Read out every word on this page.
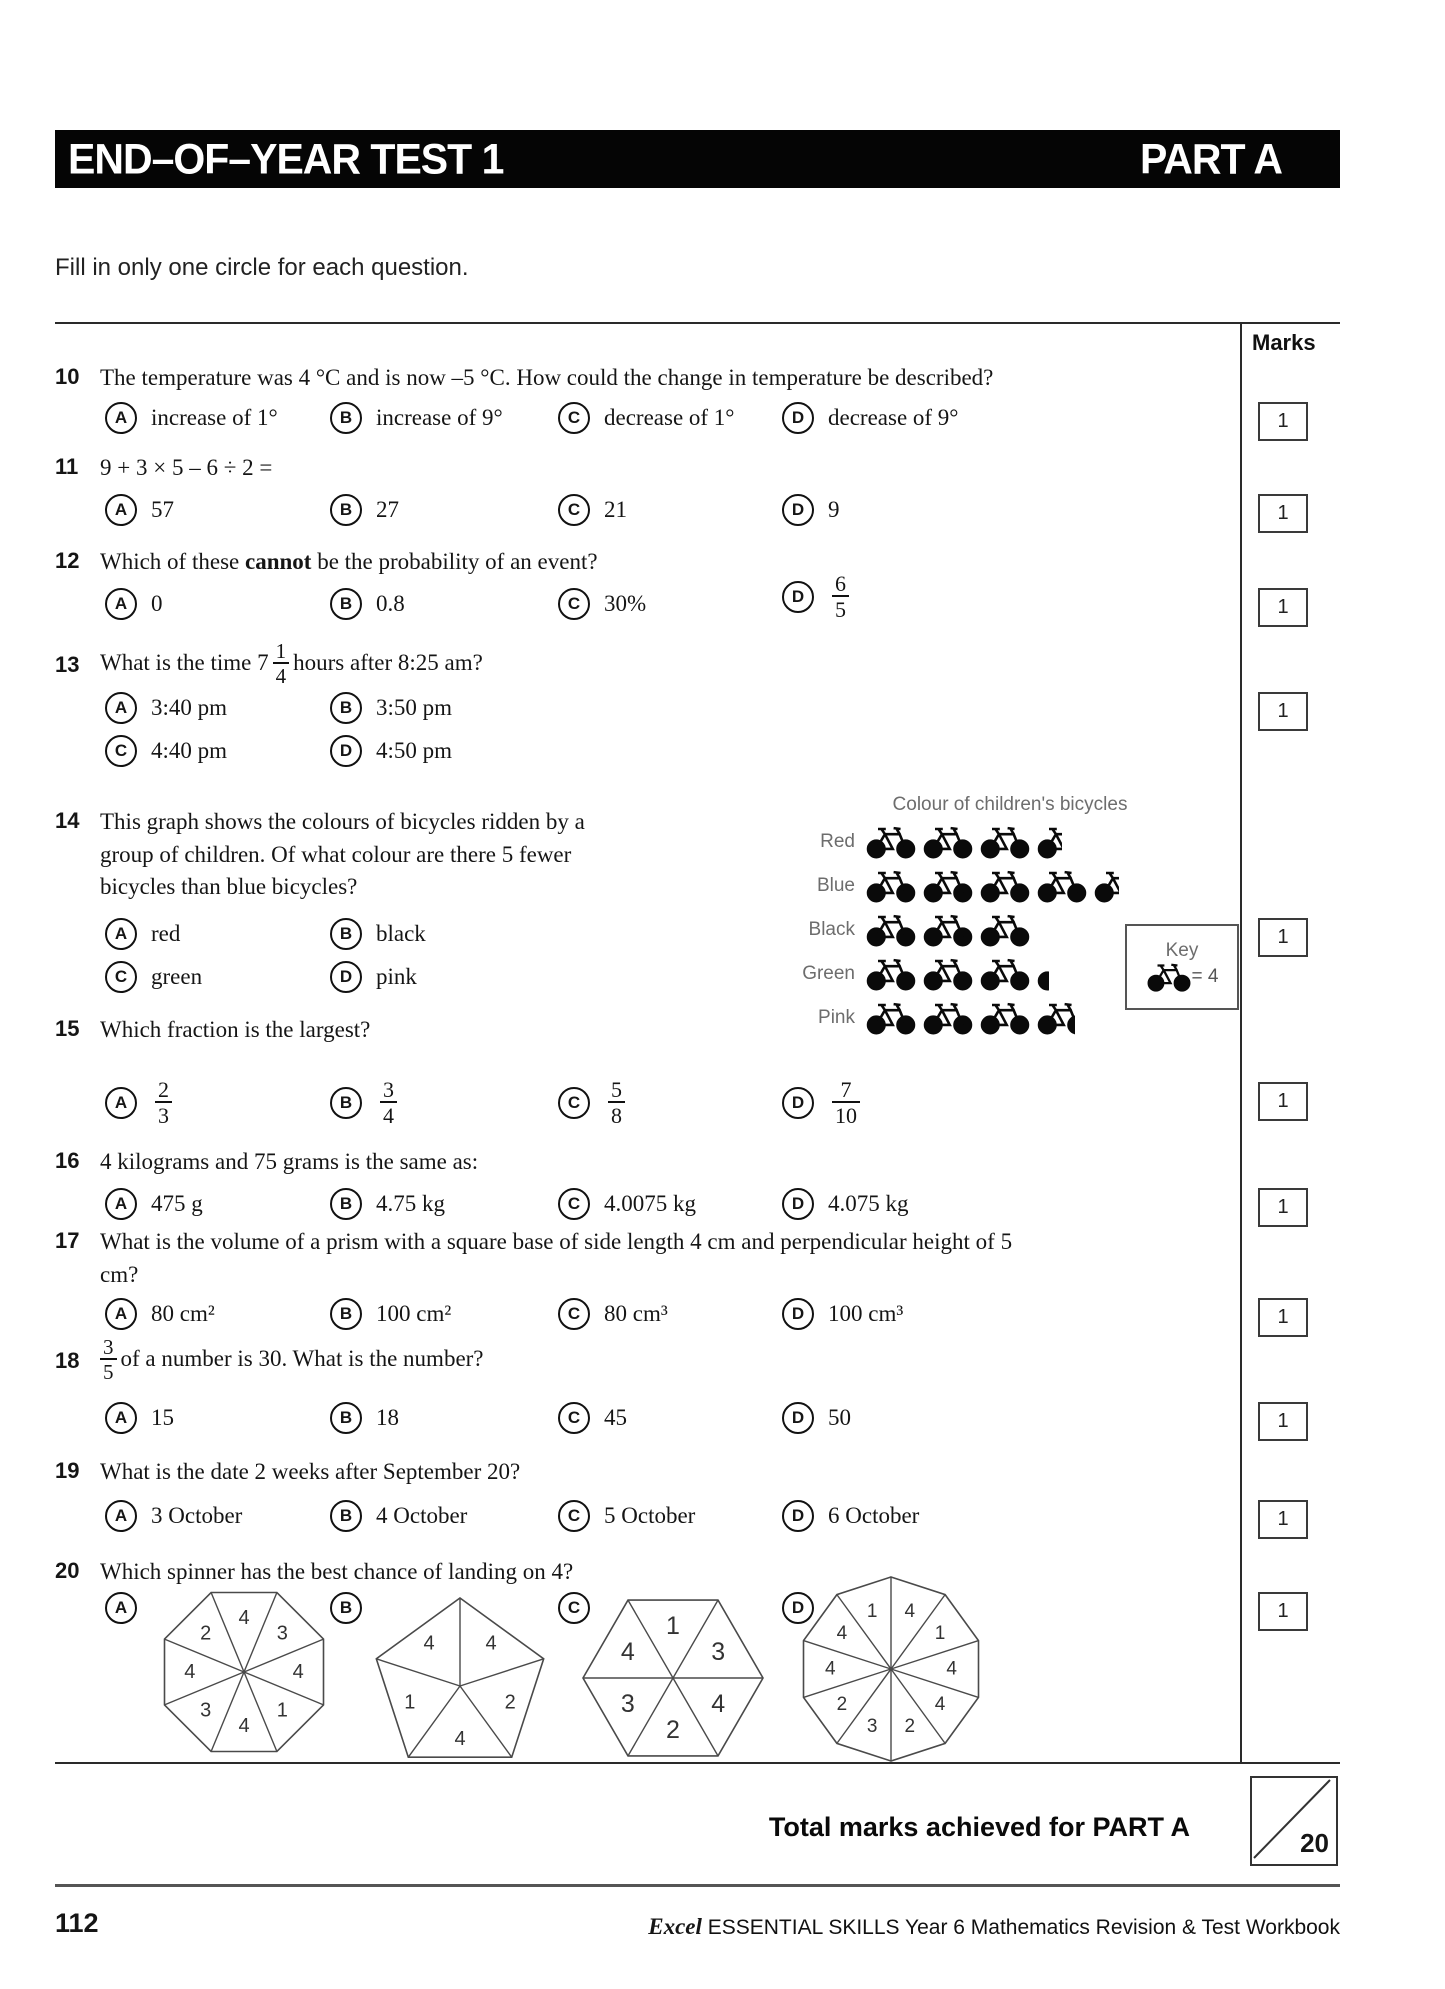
END–OF–YEAR TEST 1	PART A
Fill in only one circle for each question.
Marks
10 The temperature was 4 °C and is now –5 °C. How could the change in temperature be described?
A	increase of 1°	B	increase of 9°	C	decrease of 1°	D	decrease of 9°
11 9 + 3 × 5 – 6 ÷ 2 =
A	57	B	27	C	21	D	9
12 Which of these cannot be the probability of an event?
A	0	B	0.8	C	30%	D	$\frac{6}{5}$
13 What is the time $7 \frac{1}{4}$ hours after 8:25 am?
A	3:40 pm	B	3:50 pm
C	4:40 pm	D	4:50 pm
14 This graph shows the colours of bicycles ridden by a group of children. Of what colour are there 5 fewer bicycles than blue bicycles?
A	red	B	black
C	green	D	pink
Colour of children's bicycles
Red
Blue
Black
Green
Pink
Key
= 4
15 Which fraction is the largest?
A	$\frac{2}{3}$	B	$\frac{3}{4}$	C	$\frac{5}{8}$	D	$\frac{7}{10}$
16 4 kilograms and 75 grams is the same as:
A	475 g	B	4.75 kg	C	4.0075 kg	D	4.075 kg
17 What is the volume of a prism with a square base of side length 4 cm and perpendicular height of 5 cm?
A	80 cm²	B	100 cm²	C	80 cm³	D	100 cm³
$18 \frac{3}{5}$ of a number is 30. What is the number?
A	15	B	18	C	45	D	50
19 What is the date 2 weeks after September 20?
A	3 October	B	4 October	C	5 October	D	6 October
20 Which spinner has the best chance of landing on 4?
A	B	C	D
4
3
4
1
4
3
4
2	4
2
4
1
4
1
3
4
2
3
4
4
1
4
4
2
3
2
4
4
1
1
1
1
1
1
1
1
1
1
1
1
Total marks achieved for PART A
20
112	Excel ESSENTIAL SKILLS Year 6 Mathematics Revision & Test Workbook
